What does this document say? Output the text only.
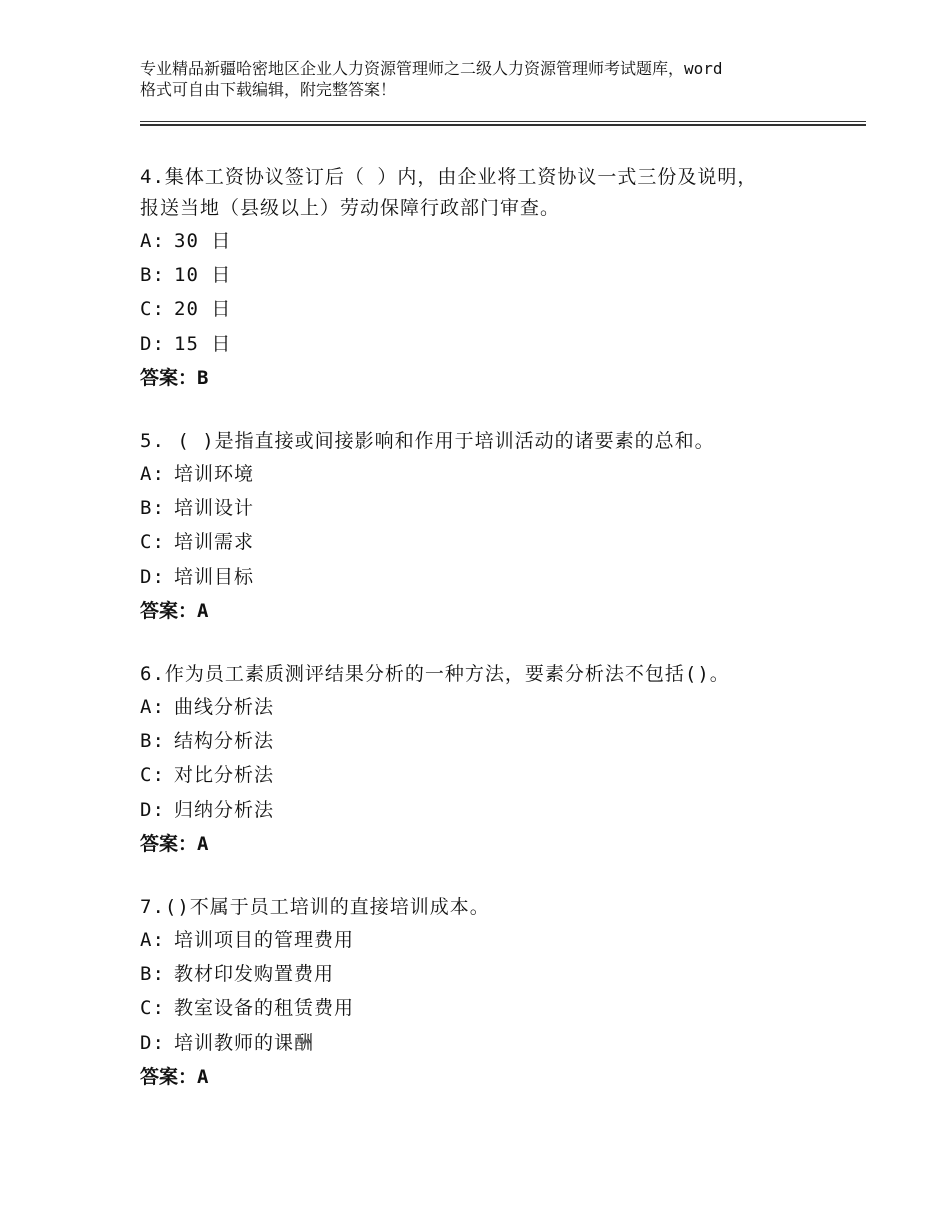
专业精品新疆哈密地区企业人力资源管理师之二级人力资源管理师考试题库，word
格式可自由下载编辑，附完整答案！

4.集体工资协议签订后（ ）内，由企业将工资协议一式三份及说明，

报送当地（县级以上）劳动保障行政部门审查。

A: 30 日

B: 10 日

C: 20 日

D: 15 日

答案：B

5. ( )是指直接或间接影响和作用于培训活动的诸要素的总和。

A: 培训环境

B: 培训设计

C: 培训需求

D: 培训目标

答案：A

6.作为员工素质测评结果分析的一种方法，要素分析法不包括()。

A: 曲线分析法

B: 结构分析法

C: 对比分析法

D: 归纳分析法

答案：A

7.()不属于员工培训的直接培训成本。

A: 培训项目的管理费用

B: 教材印发购置费用

C: 教室设备的租赁费用

D: 培训教师的课酬

答案：A
